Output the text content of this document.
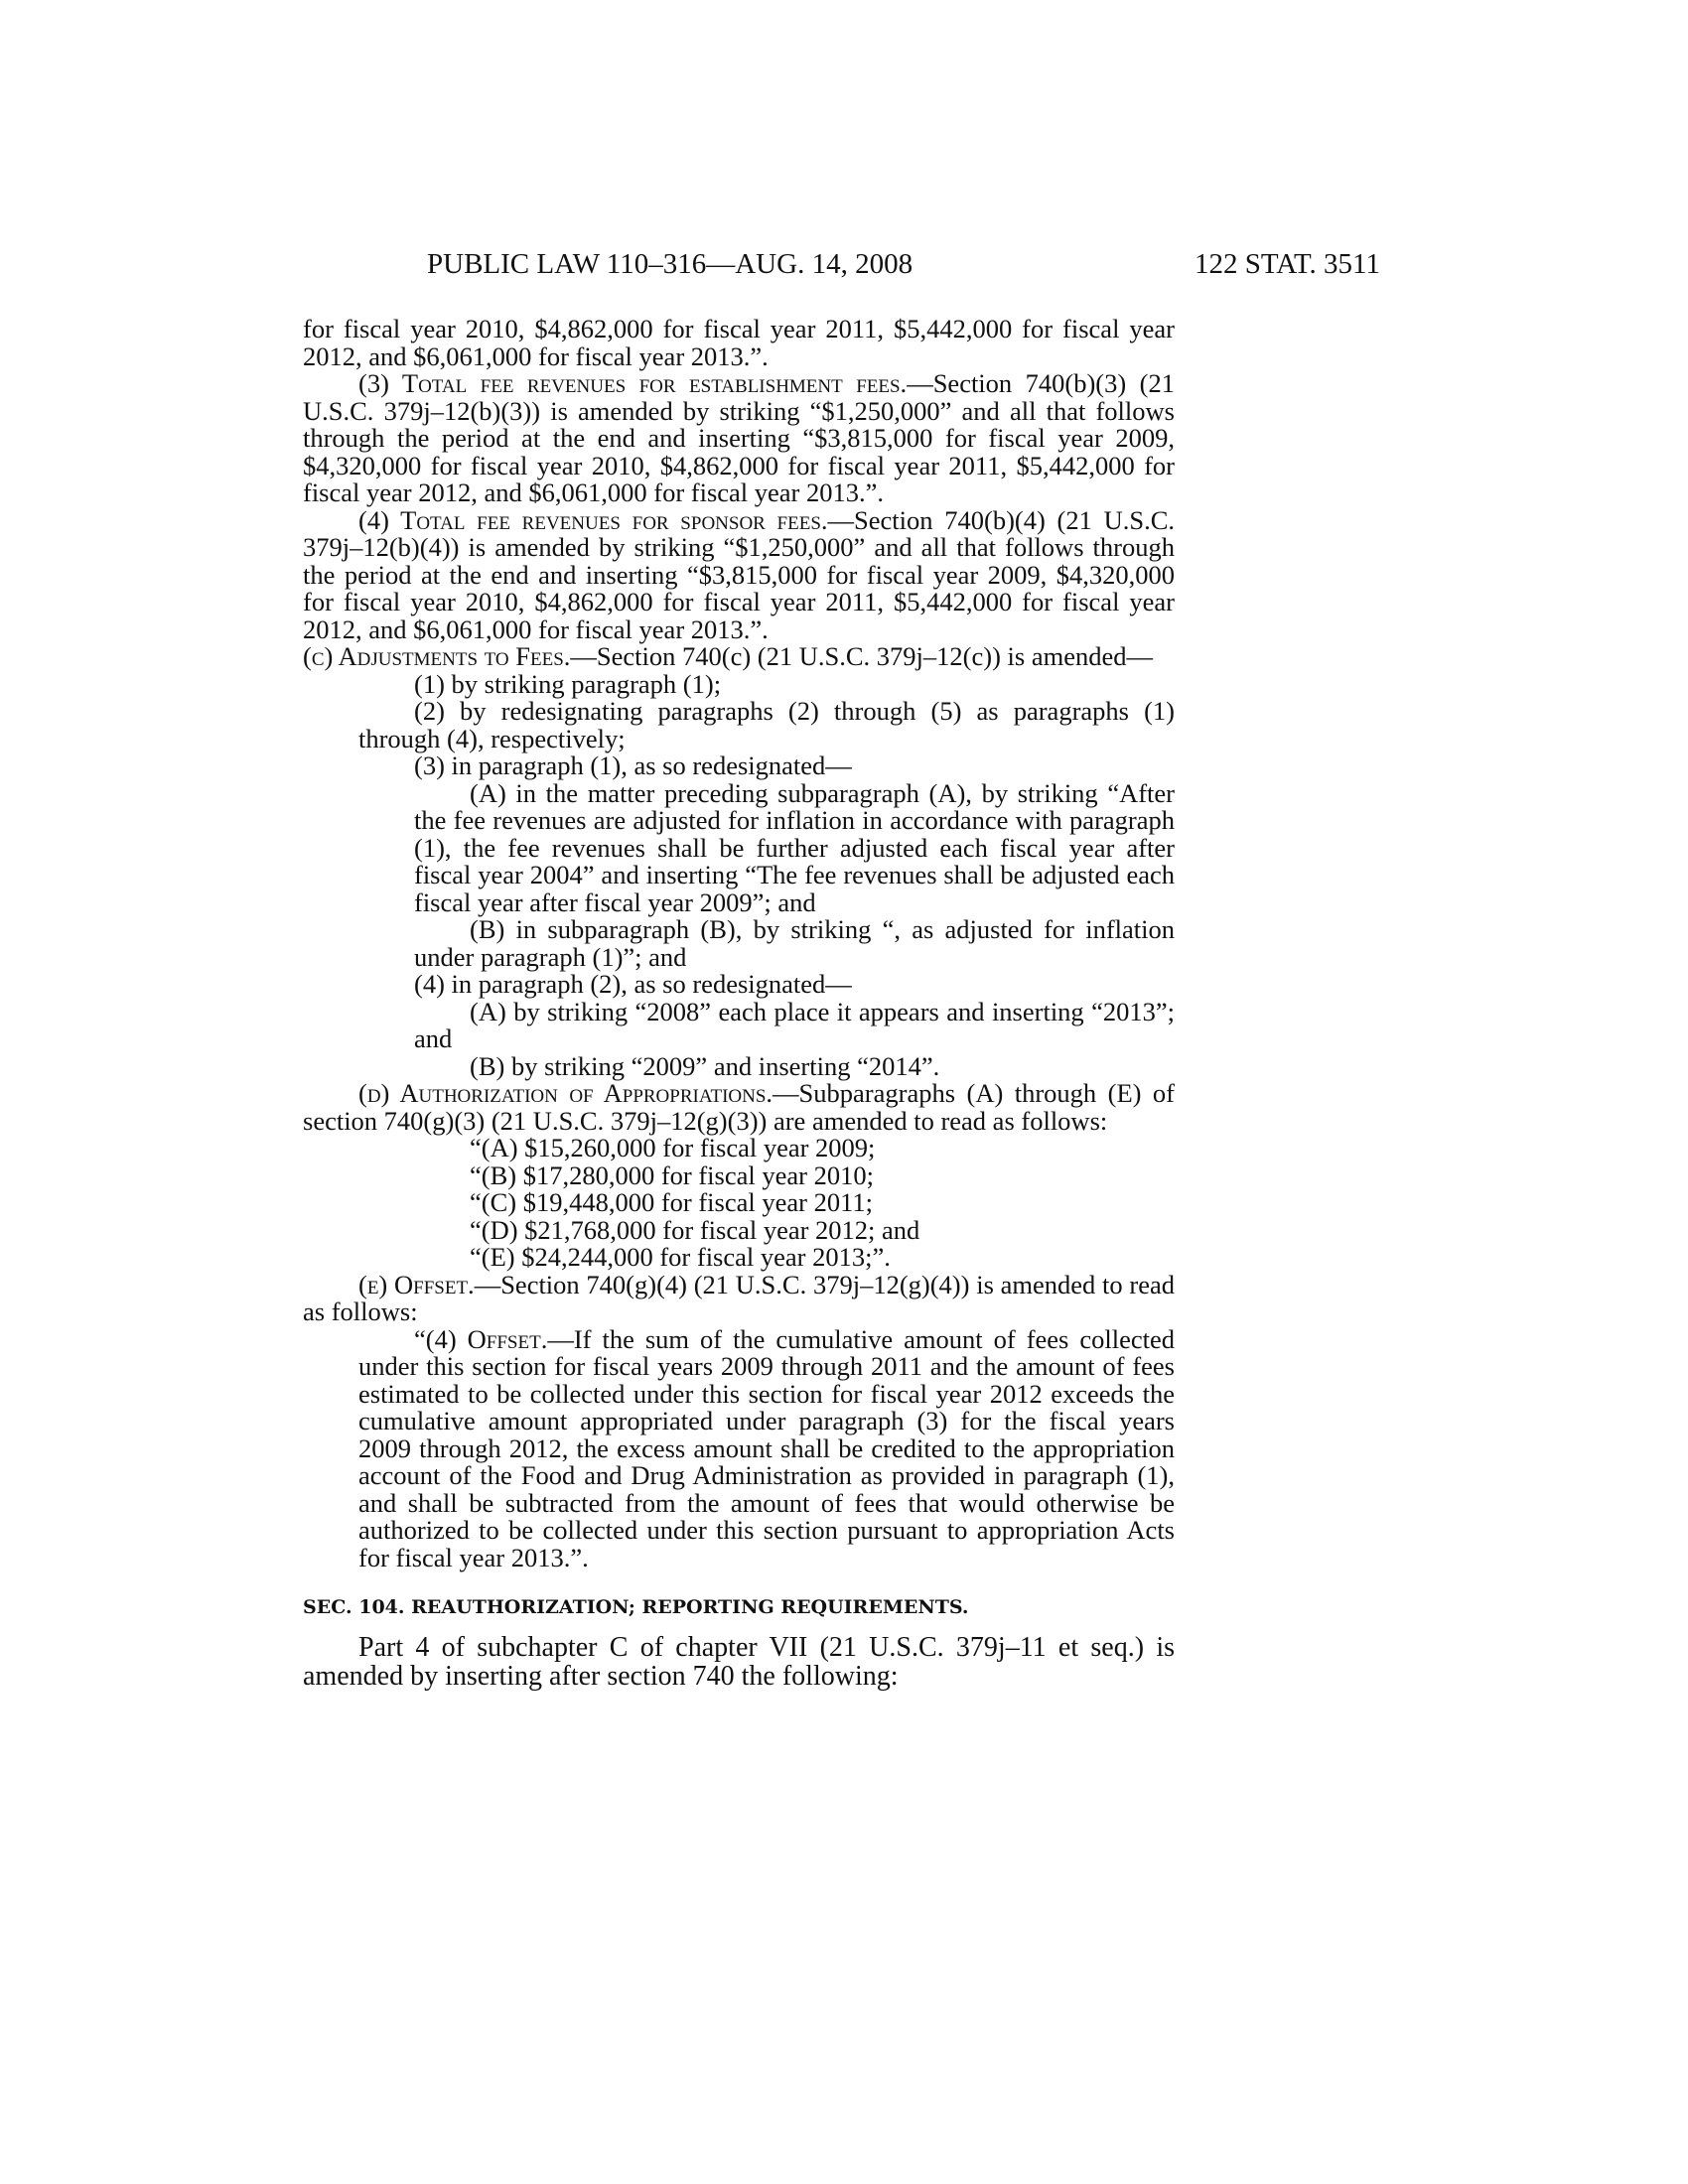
PUBLIC LAW 110–316—AUG. 14, 2008	122 STAT. 3511

for fiscal year 2010, $4,862,000 for fiscal year 2011, $5,442,000 for fiscal year 2012, and $6,061,000 for fiscal year 2013.”.

(3) Total fee revenues for establishment fees.—Section 740(b)(3) (21 U.S.C. 379j–12(b)(3)) is amended by striking “$1,250,000” and all that follows through the period at the end and inserting “$3,815,000 for fiscal year 2009, $4,320,000 for fiscal year 2010, $4,862,000 for fiscal year 2011, $5,442,000 for fiscal year 2012, and $6,061,000 for fiscal year 2013.”.

(4) Total fee revenues for sponsor fees.—Section 740(b)(4) (21 U.S.C. 379j–12(b)(4)) is amended by striking “$1,250,000” and all that follows through the period at the end and inserting “$3,815,000 for fiscal year 2009, $4,320,000 for fiscal year 2010, $4,862,000 for fiscal year 2011, $5,442,000 for fiscal year 2012, and $6,061,000 for fiscal year 2013.”.

(c) Adjustments to Fees.—Section 740(c) (21 U.S.C. 379j–12(c)) is amended—

(1) by striking paragraph (1);

(2) by redesignating paragraphs (2) through (5) as paragraphs (1) through (4), respectively;

(3) in paragraph (1), as so redesignated—

(A) in the matter preceding subparagraph (A), by striking “After the fee revenues are adjusted for inflation in accordance with paragraph (1), the fee revenues shall be further adjusted each fiscal year after fiscal year 2004” and inserting “The fee revenues shall be adjusted each fiscal year after fiscal year 2009”; and

(B) in subparagraph (B), by striking “, as adjusted for inflation under paragraph (1)”; and

(4) in paragraph (2), as so redesignated—

(A) by striking “2008” each place it appears and inserting “2013”; and

(B) by striking “2009” and inserting “2014”.

(d) Authorization of Appropriations.—Subparagraphs (A) through (E) of section 740(g)(3) (21 U.S.C. 379j–12(g)(3)) are amended to read as follows:

“(A) $15,260,000 for fiscal year 2009;

“(B) $17,280,000 for fiscal year 2010;

“(C) $19,448,000 for fiscal year 2011;

“(D) $21,768,000 for fiscal year 2012; and

“(E) $24,244,000 for fiscal year 2013;”.

(e) Offset.—Section 740(g)(4) (21 U.S.C. 379j–12(g)(4)) is amended to read as follows:

“(4) Offset.—If the sum of the cumulative amount of fees collected under this section for fiscal years 2009 through 2011 and the amount of fees estimated to be collected under this section for fiscal year 2012 exceeds the cumulative amount appropriated under paragraph (3) for the fiscal years 2009 through 2012, the excess amount shall be credited to the appropriation account of the Food and Drug Administration as provided in paragraph (1), and shall be subtracted from the amount of fees that would otherwise be authorized to be collected under this section pursuant to appropriation Acts for fiscal year 2013.”.

SEC. 104. REAUTHORIZATION; REPORTING REQUIREMENTS.

Part 4 of subchapter C of chapter VII (21 U.S.C. 379j–11 et seq.) is amended by inserting after section 740 the following:
